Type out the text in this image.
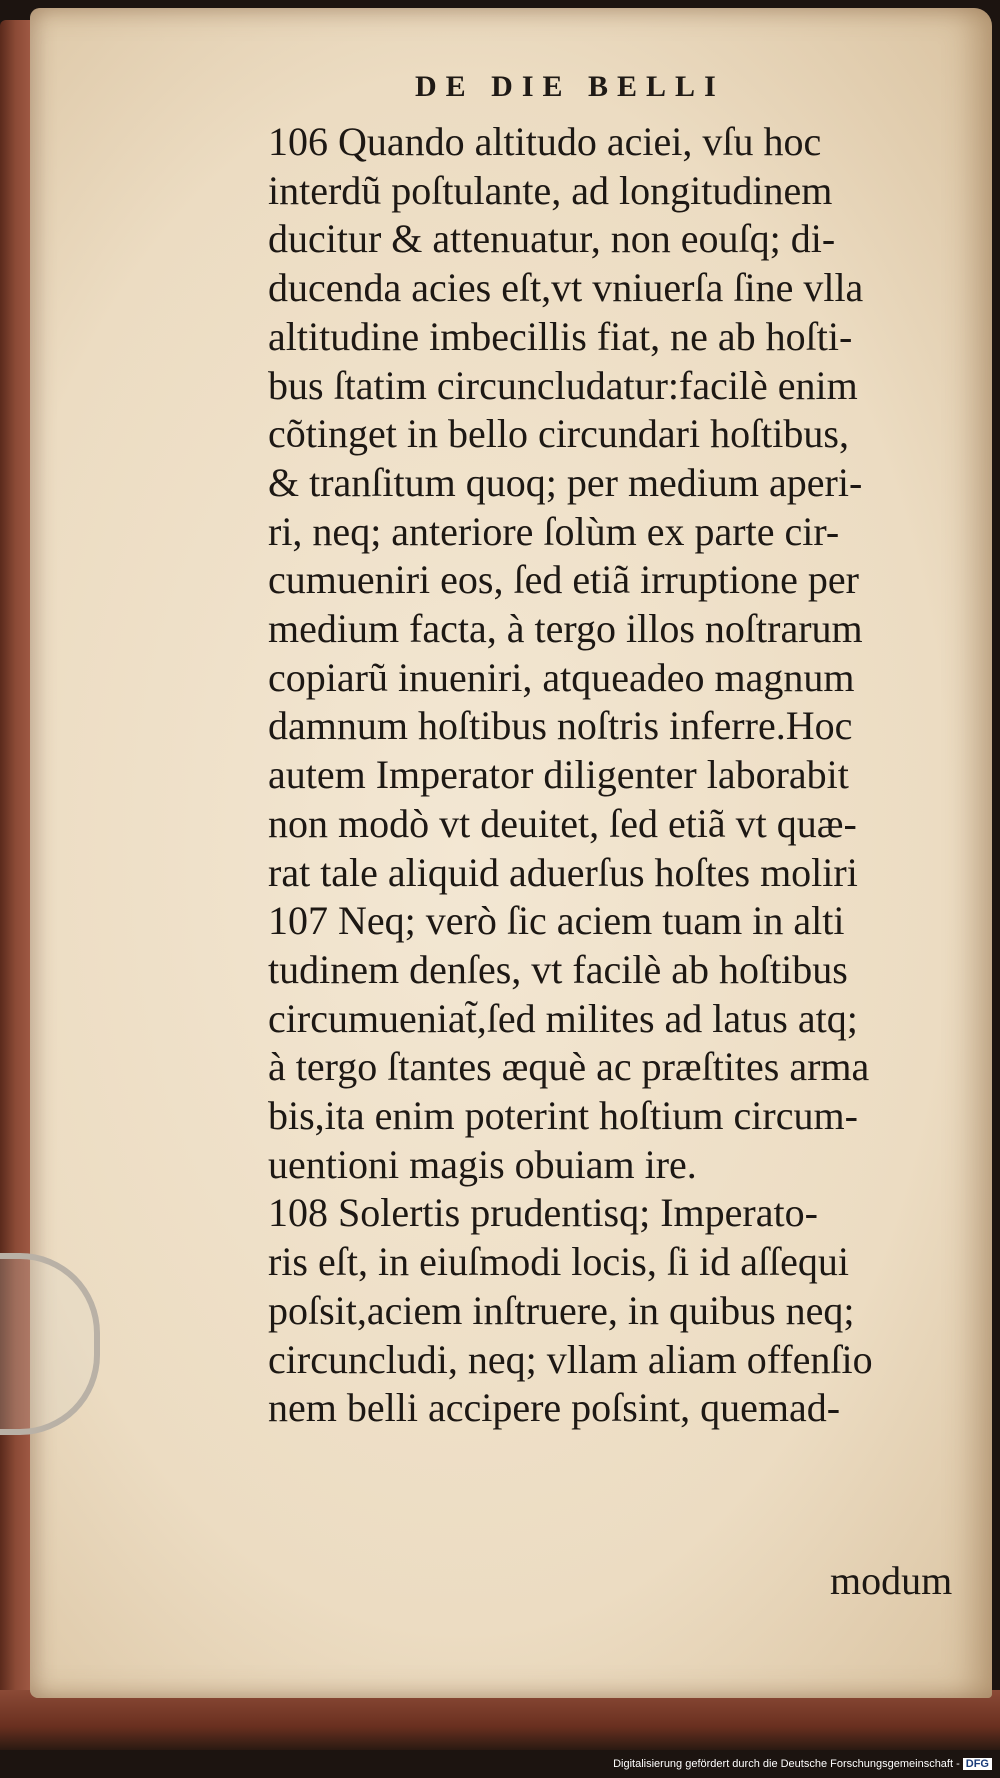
DE DIE BELLI
106 Quando altitudo aciei, vſu hoc
interdũ poſtulante, ad longitudinem
ducitur & attenuatur, non eouſq; di-
ducenda acies eſt,vt vniuerſa ſine vlla
altitudine imbecillis fiat, ne ab hoſti-
bus ſtatim circuncludatur:facilè enim
cõtinget in bello circundari hoſtibus,
& tranſitum quoq; per medium aperi-
ri, neq; anteriore ſolùm ex parte cir-
cumueniri eos, ſed etiã irruptione per
medium facta, à tergo illos noſtrarum
copiarũ inueniri, atqueadeo magnum
damnum hoſtibus noſtris inferre.Hoc
autem Imperator diligenter laborabit
non modò vt deuitet, ſed etiã vt quæ-
rat tale aliquid aduerſus hoſtes moliri
107 Neq; verò ſic aciem tuam in alti
tudinem denſes, vt facilè ab hoſtibus
circumueniat̃,ſed milites ad latus atq;
à tergo ſtantes æquè ac præſtites arma
bis,ita enim poterint hoſtium circum-
uentioni magis obuiam ire.
108 Solertis prudentisq; Imperato-
ris eſt, in eiuſmodi locis, ſi id aſſequi
poſsit,aciem inſtruere, in quibus neq;
circuncludi, neq; vllam aliam offenſio
nem belli accipere poſsint, quemad-
modum
Digitalisierung gefördert durch die Deutsche Forschungsgemeinschaft - DFG
